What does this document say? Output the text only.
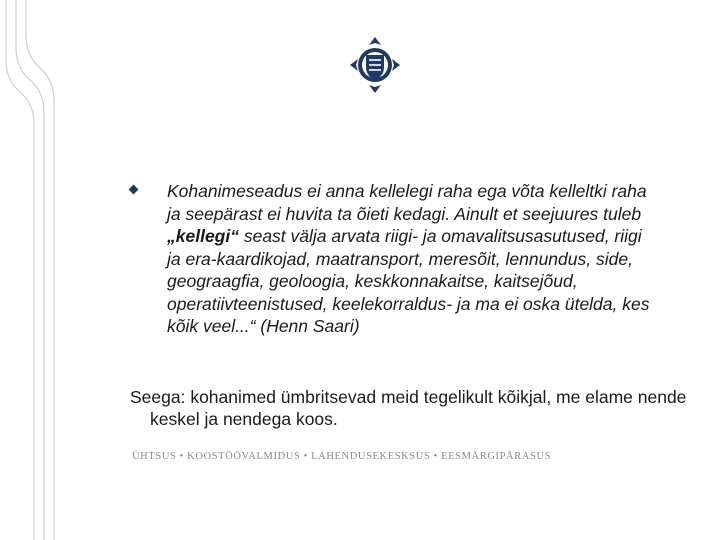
Kohanimeseadus ei anna kellelegi raha ega võta kelleltki raha ja seepärast ei huvita ta õieti kedagi. Ainult et seejuures tuleb „kellegi“ seast välja arvata riigi- ja omavalitsusasutused, riigi ja era-kaardikojad, maatransport, meresõit, lennundus, side, geograagfia, geoloogia, keskkonnakaitse, kaitsejõud, operatiivteenistused, keelekorraldus- ja ma ei oska ütelda, kes kõik veel...“ (Henn Saari)

Seega: kohanimed ümbritsevad meid tegelikult kõikjal, me elame nende keskel ja nendega koos.

ÜHTSUS • KOOSTÖÖVALMIDUS • LAHENDUSEKESKSUS • EESMÄRGIPÄRASUS
